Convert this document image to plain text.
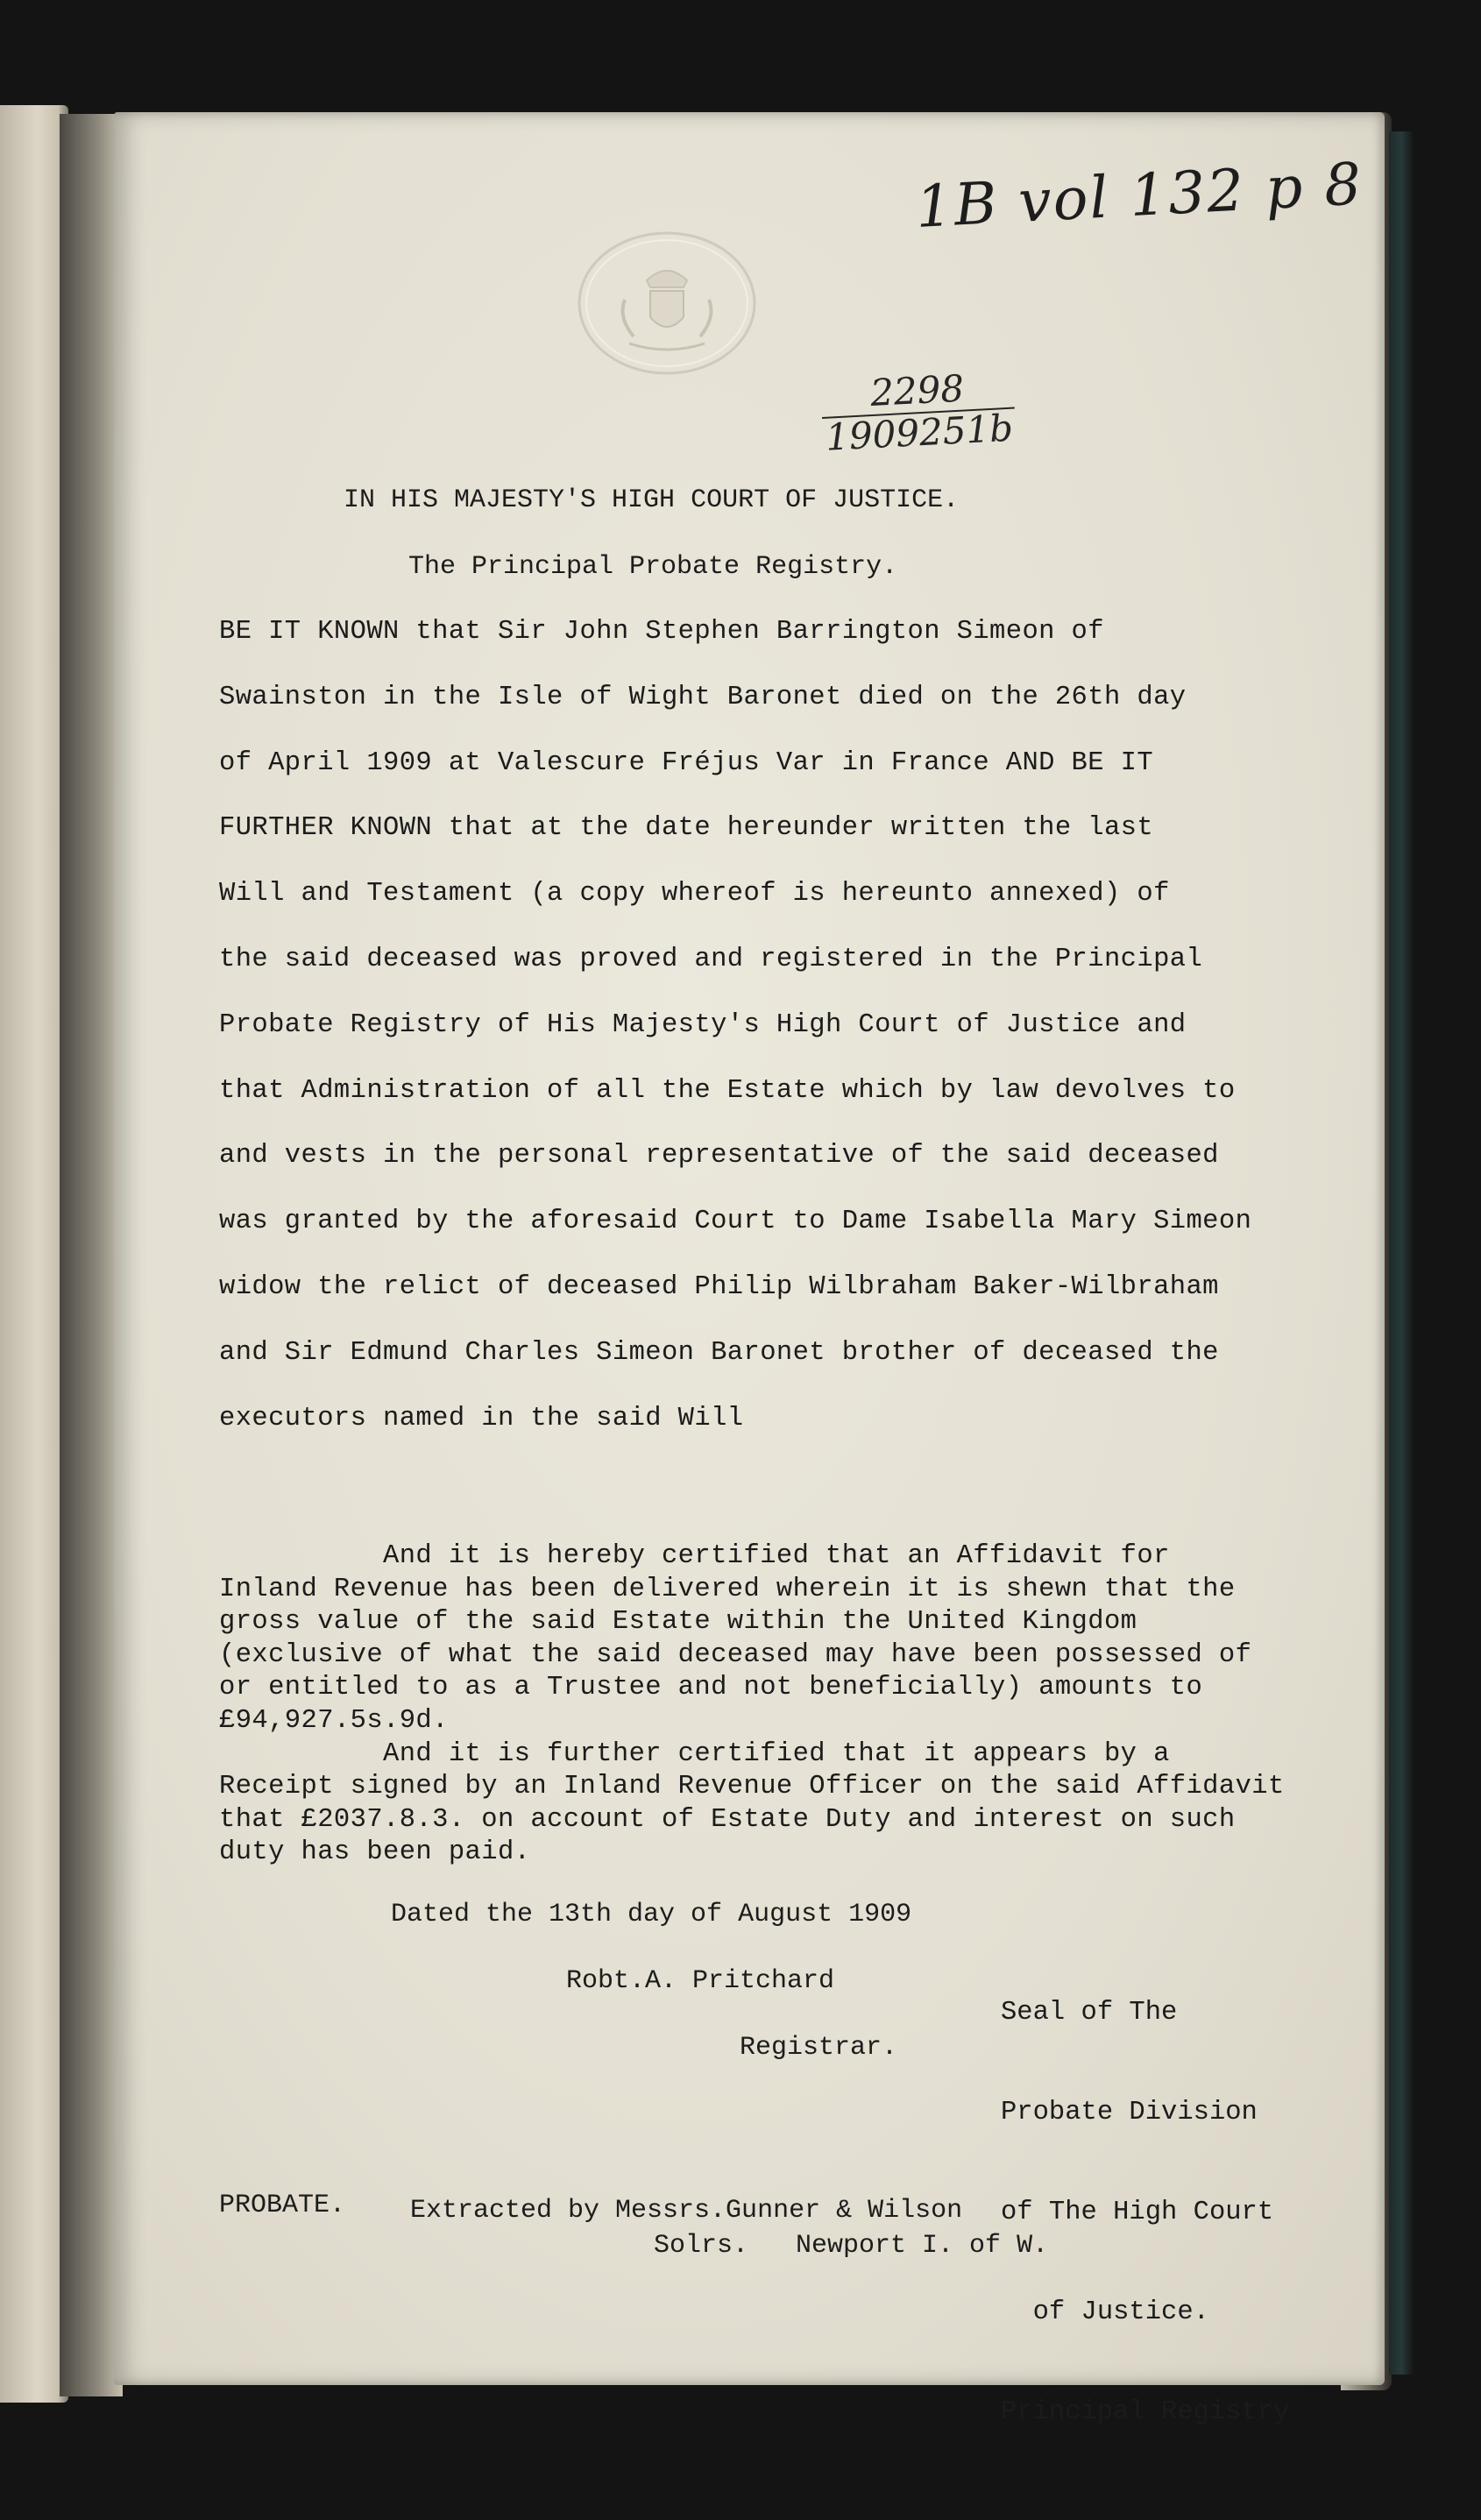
1B vol 132 p 8
2298
1909251b
IN HIS MAJESTY'S HIGH COURT OF JUSTICE.
The Principal Probate Registry.
BE IT KNOWN that Sir John Stephen Barrington Simeon of
Swainston in the Isle of Wight Baronet died on the 26th day
of April 1909 at Valescure Fréjus Var in France AND BE IT
FURTHER KNOWN that at the date hereunder written the last
Will and Testament (a copy whereof is hereunto annexed) of
the said deceased was proved and registered in the Principal
Probate Registry of His Majesty's High Court of Justice and
that Administration of all the Estate which by law devolves to
and vests in the personal representative of the said deceased
was granted by the aforesaid Court to Dame Isabella Mary Simeon
widow the relict of deceased Philip Wilbraham Baker-Wilbraham
and Sir Edmund Charles Simeon Baronet brother of deceased the
executors named in the said Will
And it is hereby certified that an Affidavit for
Inland Revenue has been delivered wherein it is shewn that the
gross value of the said Estate within the United Kingdom
(exclusive of what the said deceased may have been possessed of
or entitled to as a Trustee and not beneficially) amounts to
£94,927.5s.9d.
And it is further certified that it appears by a
Receipt signed by an Inland Revenue Officer on the said Affidavit
that £2037.8.3. on account of Estate Duty and interest on such
duty has been paid.
Dated the 13th day of August 1909
Robt.A. Pritchard
Registrar.

Seal of The

Probate Division

of The High Court

of Justice.

Principal Registry

PROBATE. Extracted by Messrs.Gunner & Wilson
Solrs.   Newport I. of W.
